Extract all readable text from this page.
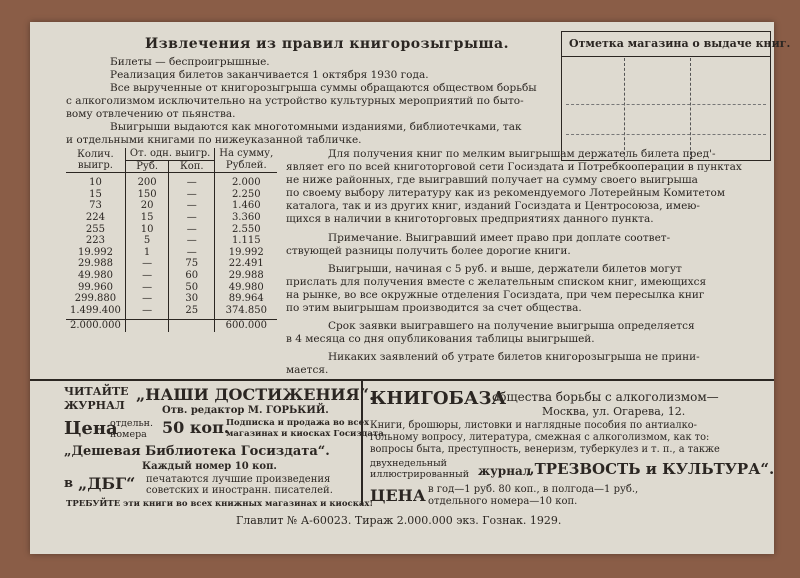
Извлечения из правил книгорозыгрыша.
Билеты — беспроигрышные.
Реализация билетов заканчивается 1 октября 1930 года.
Все вырученные от книгорозыгрыша суммы обращаются обществом борьбы
с алкоголизмом исключительно на устройство культурных мероприятий по быто-
вому отвлечению от пьянства.
Выигрыши выдаются как многотомными изданиями, библиотечками, так
и отдельными книгами по нижеуказанной табличке.
Отметка магазина о выдаче книг.
Колич.
выигр.	От. одн. выигр.		На сумму,
	Руб.	Коп.	Рублей.
10	200	—	2.000
15	150	—	2.250
73	20	—	1.460
224	15	—	3.360
255	10	—	2.550
223	5	—	1.115
19.992	1	—	19.992
29.988	—	75	22.491
49.980	—	60	29.988
99.960	—	50	49.980
299.880	—	30	89.964
1.499.400	—	25	374.850
2.000.000			600.000
Для получения книг по мелким выигрышам держатель билета пред'-
являет его по всей книготорговой сети Госиздата и Потребкооперации в пунктах
не ниже районных, где выигравший получает на сумму своего выигрыша
по своему выбору литературу как из рекомендуемого Лотерейным Комитетом
каталога, так и из других книг, изданий Госиздата и Центросоюза, имею-
щихся в наличии в книготорговых предприятиях данного пункта.
Примечание. Выигравший имеет право при доплате соответ-
ствующей разницы получить более дорогие книги.
Выигрыши, начиная с 5 руб. и выше, держатели билетов могут
прислать для получения вместе с желательным списком книг, имеющихся
на рынке, во все окружные отделения Госиздата, при чем пересылка книг
по этим выигрышам производится за счет общества.
Срок заявки выигравшего на получение выигрыша определяется
в 4 месяца со дня опубликования таблицы выигрышей.
Никаких заявлений об утрате билетов книгорозыгрыша не прини-
мается.
ЧИТАЙТЕ
ЖУРНАЛ
„НАШИ ДОСТИЖЕНИЯ“.
Отв. редактор М. ГОРЬКИЙ.
Цена
отдельн.
номера 50 коп.
Подписка и продажа во всех
магазинах и киосках Госиздата.
„Дешевая Библиотека Госиздата“.
Каждый номер 10 коп.
в „ДБГ“ печатаются лучшие произведения
советских и иностранн. писателей.
ТРЕБУЙТЕ эти книги во всех книжных магазинах и киосках!
КНИГОБАЗА
общества борьбы с алкоголизмом—
Москва, ул. Огарева, 12.
Книги, брошюры, листовки и наглядные пособия по антиалко-
гольному вопросу, литература, смежная с алкоголизмом, как то:
вопросы быта, преступность, венеризм, туберкулез и т. п., а также
двухнедельный
иллюстрированный журнал
„ТРЕЗВОСТЬ и КУЛЬТУРА“.
ЦЕНА в год—1 руб. 80 коп., в полгода—1 руб.,
отдельного номера—10 коп.
Главлит № А-60023. Тираж 2.000.000 экз. Гознак. 1929.
